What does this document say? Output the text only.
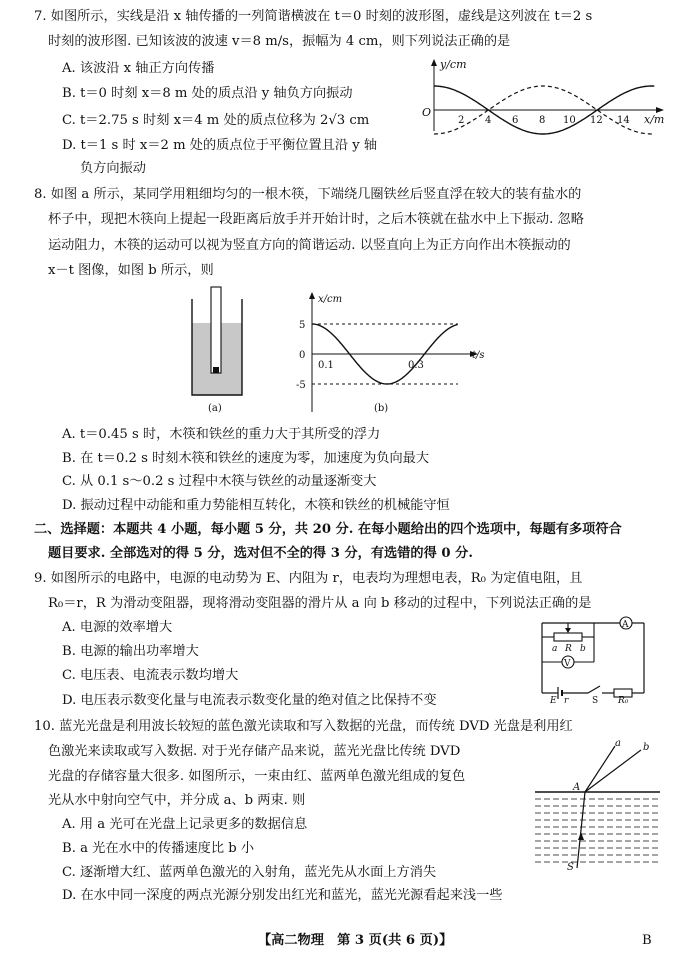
7. 如图所示，实线是沿 x 轴传播的一列简谐横波在 t＝0 时刻的波形图，虚线是这列波在 t＝2 s
时刻的波形图. 已知该波的波速 v＝8 m/s，振幅为 4 cm，则下列说法正确的是
A. 该波沿 x 轴正方向传播
B. t＝0 时刻 x＝8 m 处的质点沿 y 轴负方向振动
C. t＝2.75 s 时刻 x＝4 m 处的质点位移为 2√3 cm
D. t＝1 s 时 x＝2 m 处的质点位于平衡位置且沿 y 轴
负方向振动
y/cm
x/m
O
2 4 6 8 10 12 14
8. 如图 a 所示，某同学用粗细均匀的一根木筷，下端绕几圈铁丝后竖直浮在较大的装有盐水的
杯子中，现把木筷向上提起一段距离后放手并开始计时，之后木筷就在盐水中上下振动. 忽略
运动阻力，木筷的运动可以视为竖直方向的简谐运动. 以竖直向上为正方向作出木筷振动的
x－t 图像，如图 b 所示，则
(a)
x/cm
t/s
5
0
-5
0.1	0.3
(b)
A. t＝0.45 s 时，木筷和铁丝的重力大于其所受的浮力
B. 在 t＝0.2 s 时刻木筷和铁丝的速度为零，加速度为负向最大
C. 从 0.1 s～0.2 s 过程中木筷与铁丝的动量逐渐变大
D. 振动过程中动能和重力势能相互转化，木筷和铁丝的机械能守恒
二、选择题：本题共 4 小题，每小题 5 分，共 20 分. 在每小题给出的四个选项中，每题有多项符合
题目要求. 全部选对的得 5 分，选对但不全的得 3 分，有选错的得 0 分.
9. 如图所示的电路中，电源的电动势为 E、内阻为 r，电表均为理想电表，R₀ 为定值电阻，且
R₀＝r，R 为滑动变阻器，现将滑动变阻器的滑片从 a 向 b 移动的过程中，下列说法正确的是
A. 电源的效率增大
B. 电源的输出功率增大
C. 电压表、电流表示数均增大
D. 电压表示数变化量与电流表示数变化量的绝对值之比保持不变
A
a R b
V
E r	S R₀
10. 蓝光光盘是利用波长较短的蓝色激光读取和写入数据的光盘，而传统 DVD 光盘是利用红
色激光来读取或写入数据. 对于光存储产品来说，蓝光光盘比传统 DVD
光盘的存储容量大很多. 如图所示，一束由红、蓝两单色激光组成的复色
光从水中射向空气中，并分成 a、b 两束. 则
A. 用 a 光可在光盘上记录更多的数据信息
B. a 光在水中的传播速度比 b 小
C. 逐渐增大红、蓝两单色激光的入射角，蓝光先从水面上方消失
D. 在水中同一深度的两点光源分别发出红光和蓝光，蓝光光源看起来浅一些
a b
A
S
【高二物理　第 3 页(共 6 页)】	B
